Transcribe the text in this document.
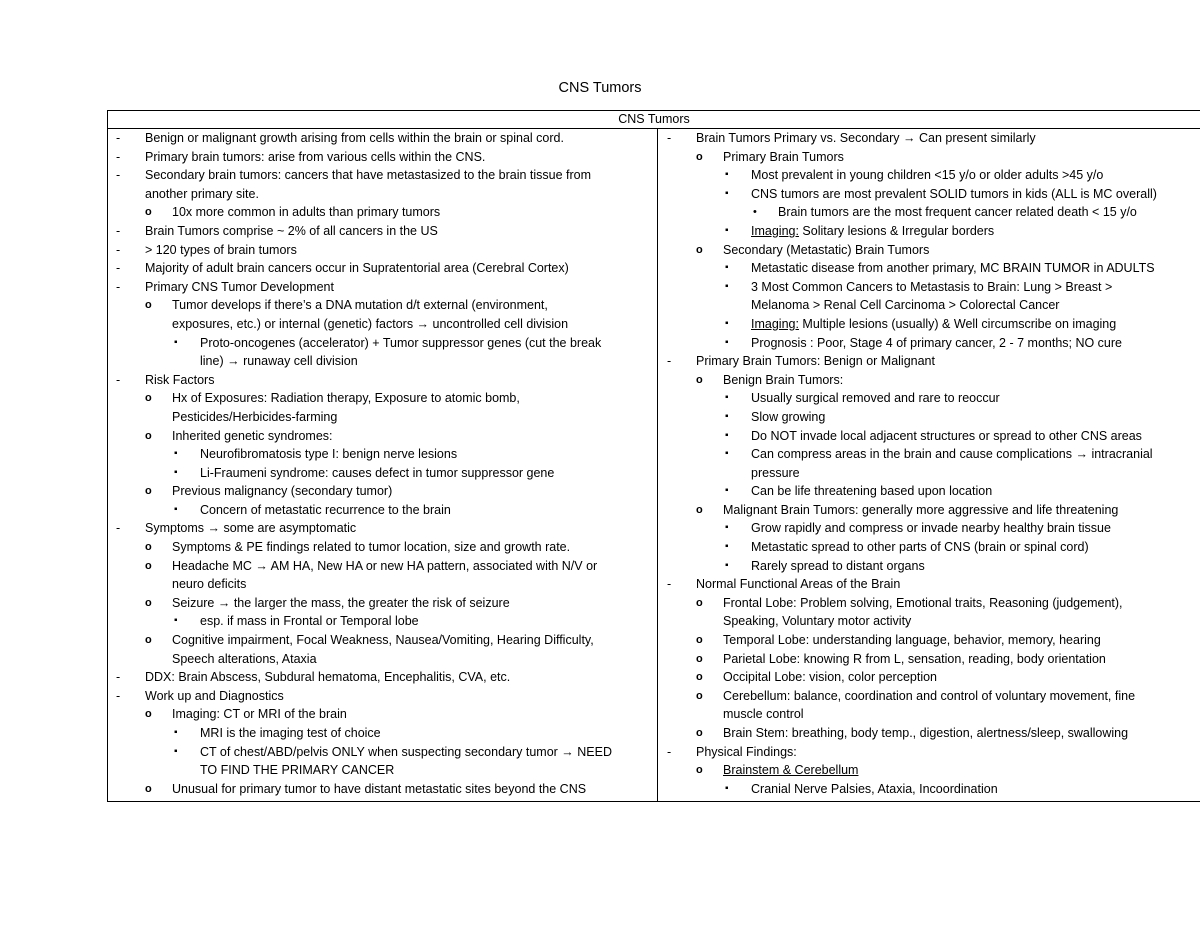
CNS Tumors
CNS Tumors
- Benign or malignant growth arising from cells within the brain or spinal cord.
- Primary brain tumors: arise from various cells within the CNS.
- Secondary brain tumors: cancers that have metastasized to the brain tissue from
another primary site.
o 10x more common in adults than primary tumors
- Brain Tumors comprise ~ 2% of all cancers in the US
- > 120 types of brain tumors
- Majority of adult brain cancers occur in Supratentorial area (Cerebral Cortex)
- Primary CNS Tumor Development
o Tumor develops if there’s a DNA mutation d/t external (environment,
exposures, etc.) or internal (genetic) factors → uncontrolled cell division
▪ Proto-oncogenes (accelerator) + Tumor suppressor genes (cut the break
line) → runaway cell division
- Risk Factors
o Hx of Exposures: Radiation therapy, Exposure to atomic bomb,
Pesticides/Herbicides-farming
o Inherited genetic syndromes:
▪ Neurofibromatosis type I: benign nerve lesions
▪ Li-Fraumeni syndrome: causes defect in tumor suppressor gene
o Previous malignancy (secondary tumor)
▪ Concern of metastatic recurrence to the brain
- Symptoms → some are asymptomatic
o Symptoms & PE findings related to tumor location, size and growth rate.
o Headache MC → AM HA, New HA or new HA pattern, associated with N/V or
neuro deficits
o Seizure → the larger the mass, the greater the risk of seizure
▪ esp. if mass in Frontal or Temporal lobe
o Cognitive impairment, Focal Weakness, Nausea/Vomiting, Hearing Difficulty,
Speech alterations, Ataxia
- DDX: Brain Abscess, Subdural hematoma, Encephalitis, CVA, etc.
- Work up and Diagnostics
o Imaging: CT or MRI of the brain
▪ MRI is the imaging test of choice
▪ CT of chest/ABD/pelvis ONLY when suspecting secondary tumor → NEED
TO FIND THE PRIMARY CANCER
o Unusual for primary tumor to have distant metastatic sites beyond the CNS
- Brain Tumors Primary vs. Secondary → Can present similarly
o Primary Brain Tumors
▪ Most prevalent in young children <15 y/o or older adults >45 y/o
▪ CNS tumors are most prevalent SOLID tumors in kids (ALL is MC overall)
• Brain tumors are the most frequent cancer related death < 15 y/o
▪ Imaging: Solitary lesions & Irregular borders
o Secondary (Metastatic) Brain Tumors
▪ Metastatic disease from another primary, MC BRAIN TUMOR in ADULTS
▪ 3 Most Common Cancers to Metastasis to Brain: Lung > Breast >
Melanoma > Renal Cell Carcinoma > Colorectal Cancer
▪ Imaging: Multiple lesions (usually) & Well circumscribe on imaging
▪ Prognosis : Poor, Stage 4 of primary cancer, 2 - 7 months; NO cure
- Primary Brain Tumors: Benign or Malignant
o Benign Brain Tumors:
▪ Usually surgical removed and rare to reoccur
▪ Slow growing
▪ Do NOT invade local adjacent structures or spread to other CNS areas
▪ Can compress areas in the brain and cause complications → intracranial
pressure
▪ Can be life threatening based upon location
o Malignant Brain Tumors: generally more aggressive and life threatening
▪ Grow rapidly and compress or invade nearby healthy brain tissue
▪ Metastatic spread to other parts of CNS (brain or spinal cord)
▪ Rarely spread to distant organs
- Normal Functional Areas of the Brain
o Frontal Lobe: Problem solving, Emotional traits, Reasoning (judgement),
Speaking, Voluntary motor activity
o Temporal Lobe: understanding language, behavior, memory, hearing
o Parietal Lobe: knowing R from L, sensation, reading, body orientation
o Occipital Lobe: vision, color perception
o Cerebellum: balance, coordination and control of voluntary movement, fine
muscle control
o Brain Stem: breathing, body temp., digestion, alertness/sleep, swallowing
- Physical Findings:
o Brainstem & Cerebellum
▪ Cranial Nerve Palsies, Ataxia, Incoordination
